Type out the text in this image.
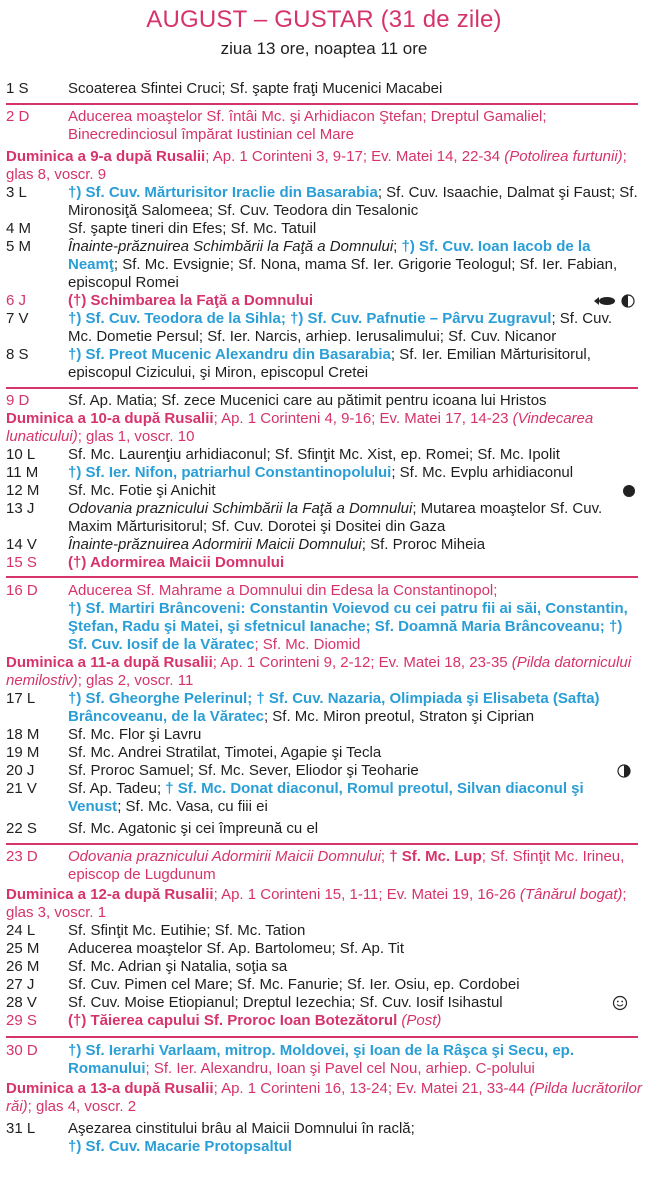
AUGUST – GUSTAR (31 de zile)
ziua 13 ore, noaptea 11 ore
1 S	Scoaterea Sfintei Cruci; Sf. şapte fraţi Mucenici Macabei
2 D	Aducerea moaştelor Sf. întâi Mc. şi Arhidiacon Ştefan; Dreptul Gamaliel; Binecredinciosul împărat Iustinian cel Mare
Duminica a 9-a după Rusalii; Ap. 1 Corinteni 3, 9-17; Ev. Matei 14, 22-34 (Potolirea furtunii); glas 8, voscr. 9
3 L	†) Sf. Cuv. Mărturisitor Iraclie din Basarabia; Sf. Cuv. Isaachie, Dalmat şi Faust; Sf. Mironosiţă Salomeea; Sf. Cuv. Teodora din Tesalonic
4 M	Sf. şapte tineri din Efes; Sf. Mc. Tatuil
5 M	Înainte-prăznuirea Schimbării la Faţă a Domnului; †) Sf. Cuv. Ioan Iacob de la Neamţ; Sf. Mc. Evsignie; Sf. Nona, mama Sf. Ier. Grigorie Teologul; Sf. Ier. Fabian, episcopul Romei
6 J	(†) Schimbarea la Faţă a Domnului
7 V	†) Sf. Cuv. Teodora de la Sihla; †) Sf. Cuv. Pafnutie – Pârvu Zugravul; Sf. Cuv. Mc. Dometie Persul; Sf. Ier. Narcis, arhiep. Ierusalimului; Sf. Cuv. Nicanor
8 S	†) Sf. Preot Mucenic Alexandru din Basarabia; Sf. Ier. Emilian Mărturisitorul, episcopul Cizicului, şi Miron, episcopul Cretei
9 D	Sf. Ap. Matia; Sf. zece Mucenici care au pătimit pentru icoana lui Hristos
Duminica a 10-a după Rusalii; Ap. 1 Corinteni 4, 9-16; Ev. Matei 17, 14-23 (Vindecarea lunaticului); glas 1, voscr. 10
10 L	Sf. Mc. Laurenţiu arhidiaconul; Sf. Sfinţit Mc. Xist, ep. Romei; Sf. Mc. Ipolit
11 M	†) Sf. Ier. Nifon, patriarhul Constantinopolului; Sf. Mc. Evplu arhidiaconul
12 M	Sf. Mc. Fotie şi Anichit
13 J	Odovania praznicului Schimbării la Faţă a Domnului; Mutarea moaştelor Sf. Cuv. Maxim Mărturisitorul; Sf. Cuv. Dorotei şi Dositei din Gaza
14 V	Înainte-prăznuirea Adormirii Maicii Domnului; Sf. Proroc Miheia
15 S	(†) Adormirea Maicii Domnului
16 D	Aducerea Sf. Mahrame a Domnului din Edesa la Constantinopol;
†) Sf. Martiri Brâncoveni: Constantin Voievod cu cei patru fii ai săi, Constantin, Ştefan, Radu şi Matei, şi sfetnicul Ianache; Sf. Doamnă Maria Brâncoveanu; †) Sf. Cuv. Iosif de la Văratec; Sf. Mc. Diomid
Duminica a 11-a după Rusalii; Ap. 1 Corinteni 9, 2-12; Ev. Matei 18, 23-35 (Pilda datornicului nemilostiv); glas 2, voscr. 11
17 L	†) Sf. Gheorghe Pelerinul; † Sf. Cuv. Nazaria, Olimpiada şi Elisabeta (Safta) Brâncoveanu, de la Văratec; Sf. Mc. Miron preotul, Straton şi Ciprian
18 M	Sf. Mc. Flor şi Lavru
19 M	Sf. Mc. Andrei Stratilat, Timotei, Agapie şi Tecla
20 J	Sf. Proroc Samuel; Sf. Mc. Sever, Eliodor şi Teoharie
21 V	Sf. Ap. Tadeu; † Sf. Mc. Donat diaconul, Romul preotul, Silvan diaconul şi Venust; Sf. Mc. Vasa, cu fiii ei
22 S	Sf. Mc. Agatonic şi cei împreună cu el
23 D	Odovania praznicului Adormirii Maicii Domnului; † Sf. Mc. Lup; Sf. Sfinţit Mc. Irineu, episcop de Lugdunum
Duminica a 12-a după Rusalii; Ap. 1 Corinteni 15, 1-11; Ev. Matei 19, 16-26 (Tânărul bogat); glas 3, voscr. 1
24 L	Sf. Sfinţit Mc. Eutihie; Sf. Mc. Tation
25 M	Aducerea moaştelor Sf. Ap. Bartolomeu; Sf. Ap. Tit
26 M	Sf. Mc. Adrian şi Natalia, soţia sa
27 J	Sf. Cuv. Pimen cel Mare; Sf. Mc. Fanurie; Sf. Ier. Osiu, ep. Cordobei
28 V	Sf. Cuv. Moise Etiopianul; Dreptul Iezechia; Sf. Cuv. Iosif Isihastul
29 S	(†) Tăierea capului Sf. Proroc Ioan Botezătorul (Post)
30 D	†) Sf. Ierarhi Varlaam, mitrop. Moldovei, şi Ioan de la Râşca şi Secu, ep. Romanului; Sf. Ier. Alexandru, Ioan şi Pavel cel Nou, arhiep. C-polului
Duminica a 13-a după Rusalii; Ap. 1 Corinteni 16, 13-24; Ev. Matei 21, 33-44 (Pilda lucrătorilor răi); glas 4, voscr. 2
31 L	Aşezarea cinstitului brâu al Maicii Domnului în raclă;
†) Sf. Cuv. Macarie Protopsaltul
